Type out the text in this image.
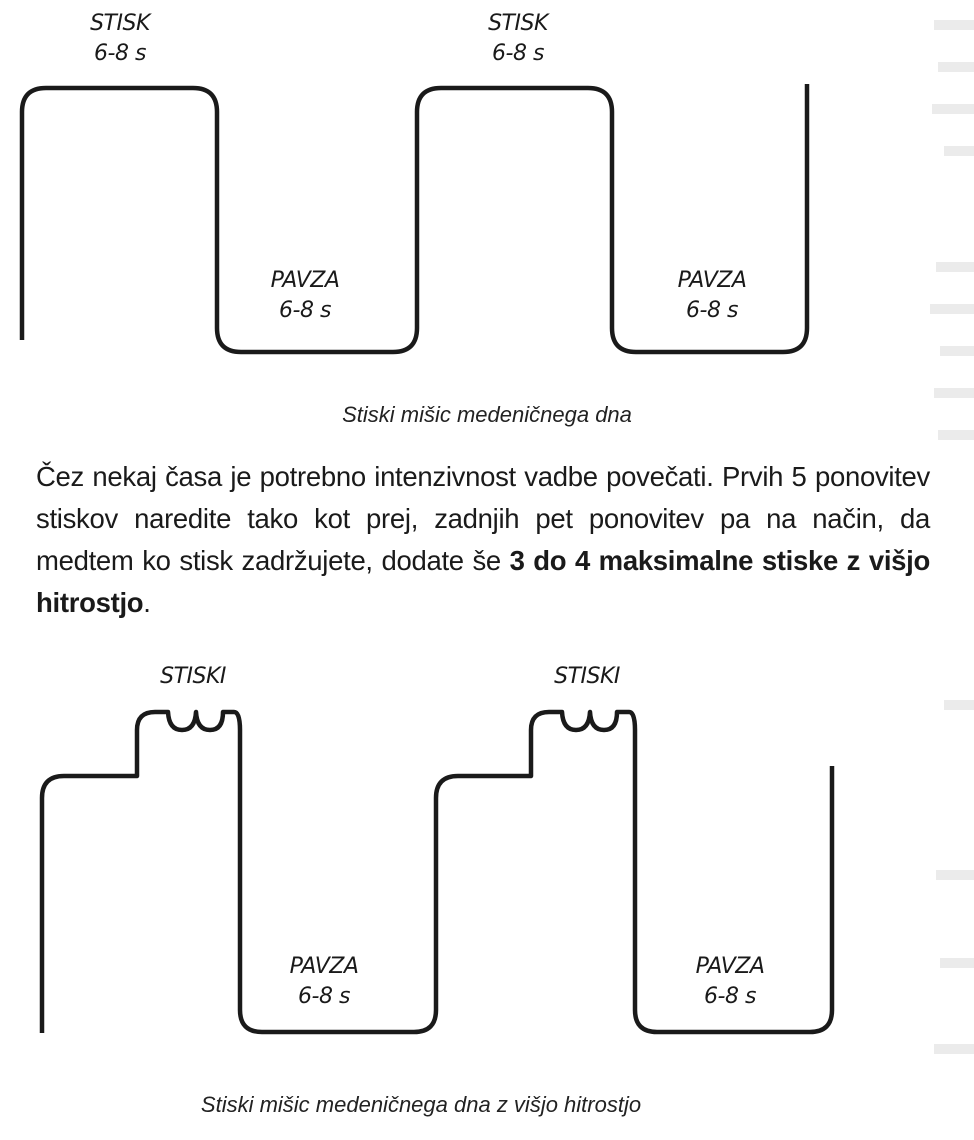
STISK
6-8 s
STISK
6-8 s
PAVZA
6-8 s
PAVZA
6-8 s
Stiski mišic medeničnega dna
Čez nekaj časa je potrebno intenzivnost vadbe povečati. Prvih 5 ponovitev stiskov naredite tako kot prej, zadnjih pet ponovitev pa na način, da medtem ko stisk zadržujete, dodate še 3 do 4 maksimalne stiske z višjo hitrostjo.
STISKI	STISKI
PAVZA
6-8 s
PAVZA
6-8 s
Stiski mišic medeničnega dna z višjo hitrostjo
